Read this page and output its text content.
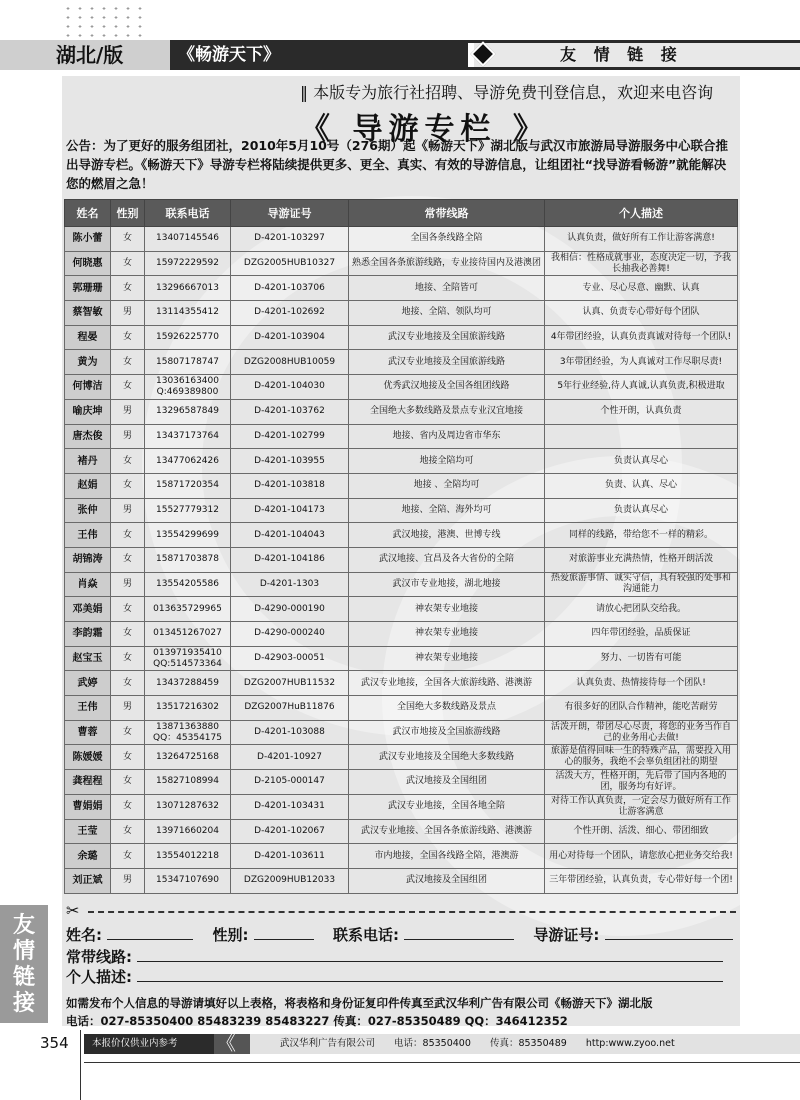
湖北/版	《畅游天下》	友 情 链 接
‖ 本版专为旅行社招聘、导游免费刊登信息，欢迎来电咨询
《 导游专栏 》
公告：为了更好的服务组团社，2010年5月10号（276期）起《畅游天下》湖北版与武汉市旅游局导游服务中心联合推出导游专栏。《畅游天下》导游专栏将陆续提供更多、更全、真实、有效的导游信息，让组团社“找导游看畅游”就能解决您的燃眉之急！
姓名	性别	联系电话	导游证号	常带线路	个人描述
陈小蕾	女	13407145546	D-4201-103297	全国各条线路全陪	认真负责，做好所有工作让游客满意!
何晓惠	女	15972229592	DZG2005HUB10327	熟悉全国各条旅游线路，专业接待国内及港澳团	我相信：性格成就事业，态度决定一切，予我长抽我必善舞!
郭珊珊	女	13296667013	D-4201-103706	地接、全陪皆可	专业、尽心尽意、幽默、认真
蔡智敏	男	13114355412	D-4201-102692	地接、全陪、领队均可	认真、负责专心带好每个团队
程晏	女	15926225770	D-4201-103904	武汉专业地接及全国旅游线路	4年带团经验，认真负责真诚对待每一个团队!
黄为	女	15807178747	DZG2008HUB10059	武汉专业地接及全国旅游线路	3年带团经验，为人真诚对工作尽职尽责!
何博洁	女	13036163400 Q:469389800	D-4201-104030	优秀武汉地接及全国各组团线路	5年行业经验,待人真诚,认真负责,积极进取
喻庆坤	男	13296587849	D-4201-103762	全国绝大多数线路及景点专业汉宜地接	个性开朗，认真负责
唐杰俊	男	13437173764	D-4201-102799	地接、省内及周边省市华东	
褚丹	女	13477062426	D-4201-103955	地接全陪均可	负责认真尽心
赵娟	女	15871720354	D-4201-103818	地接 、全陪均可	负责、认真、尽心
张仲	男	15527779312	D-4201-104173	地接、全陪、海外均可	负责认真尽心
王伟	女	13554299699	D-4201-104043	武汉地接，港澳、世博专线	同样的线路，带给您不一样的精彩。
胡锦涛	女	15871703878	D-4201-104186	武汉地接、宜昌及各大省份的全陪	对旅游事业充满热情，性格开朗活泼
肖焱	男	13554205586	D-4201-1303	武汉市专业地接，湖北地接	热爱旅游事情、诚实守信，具有较强的处事和沟通能力
邓美娟	女	013635729965	D-4290-000190	神农架专业地接	请放心把团队交给我。
李韵霜	女	013451267027	D-4290-000240	神农架专业地接	四年带团经验，品质保证
赵宝玉	女	013971935410 QQ:514573364	D-42903-00051	神农架专业地接	努力、一切皆有可能
武婷	女	13437288459	DZG2007HUB11532	武汉专业地接，全国各大旅游线路、港澳游	认真负责、热情接待每一个团队!
王伟	男	13517216302	DZG2007HuB11876	全国绝大多数线路及景点	有很多好的团队合作精神，能吃苦耐劳
曹蓉	女	13871363880 QQ：45354175	D-4201-103088	武汉市地接及全国旅游线路	活泼开朗，带团尽心尽责，将您的业务当作自己的业务用心去做!
陈媛媛	女	13264725168	D-4201-10927	武汉专业地接及全国绝大多数线路	旅游是值得回味一生的特殊产品，需要投入用心的服务，我绝不会辜负组团社的期望
龚程程	女	15827108994	D-2105-000147	武汉地接及全国组团	活泼大方，性格开朗，先后带了国内各地的团，服务均有好评。
曹娟娟	女	13071287632	D-4201-103431	武汉专业地接，全国各地全陪	对待工作认真负责，一定会尽力做好所有工作让游客满意
王莹	女	13971660204	D-4201-102067	武汉专业地接、全国各条旅游线路、港澳游	个性开朗、活泼、细心、带团细致
余璐	女	13554012218	D-4201-103611	市内地接，全国各线路全陪，港澳游	用心对待每一个团队，请您放心把业务交给我!
刘正斌	男	15347107690	DZG2009HUB12033	武汉地接及全国组团	三年带团经验，认真负责，专心带好每一个团!
✂
友
情
链
接
姓名:	性别:	联系电话:	导游证号:
常带线路:
个人描述:
如需发布个人信息的导游请填好以上表格，将表格和身份证复印件传真至武汉华利广告有限公司《畅游天下》湖北版
电话：027-85350400 85483239 85483227 传真：027-85350489 QQ：346412352
354	本报价仅供业内参考	《	武汉华利广告有限公司 电话：85350400 传真：85350489 http:www.zyoo.net
